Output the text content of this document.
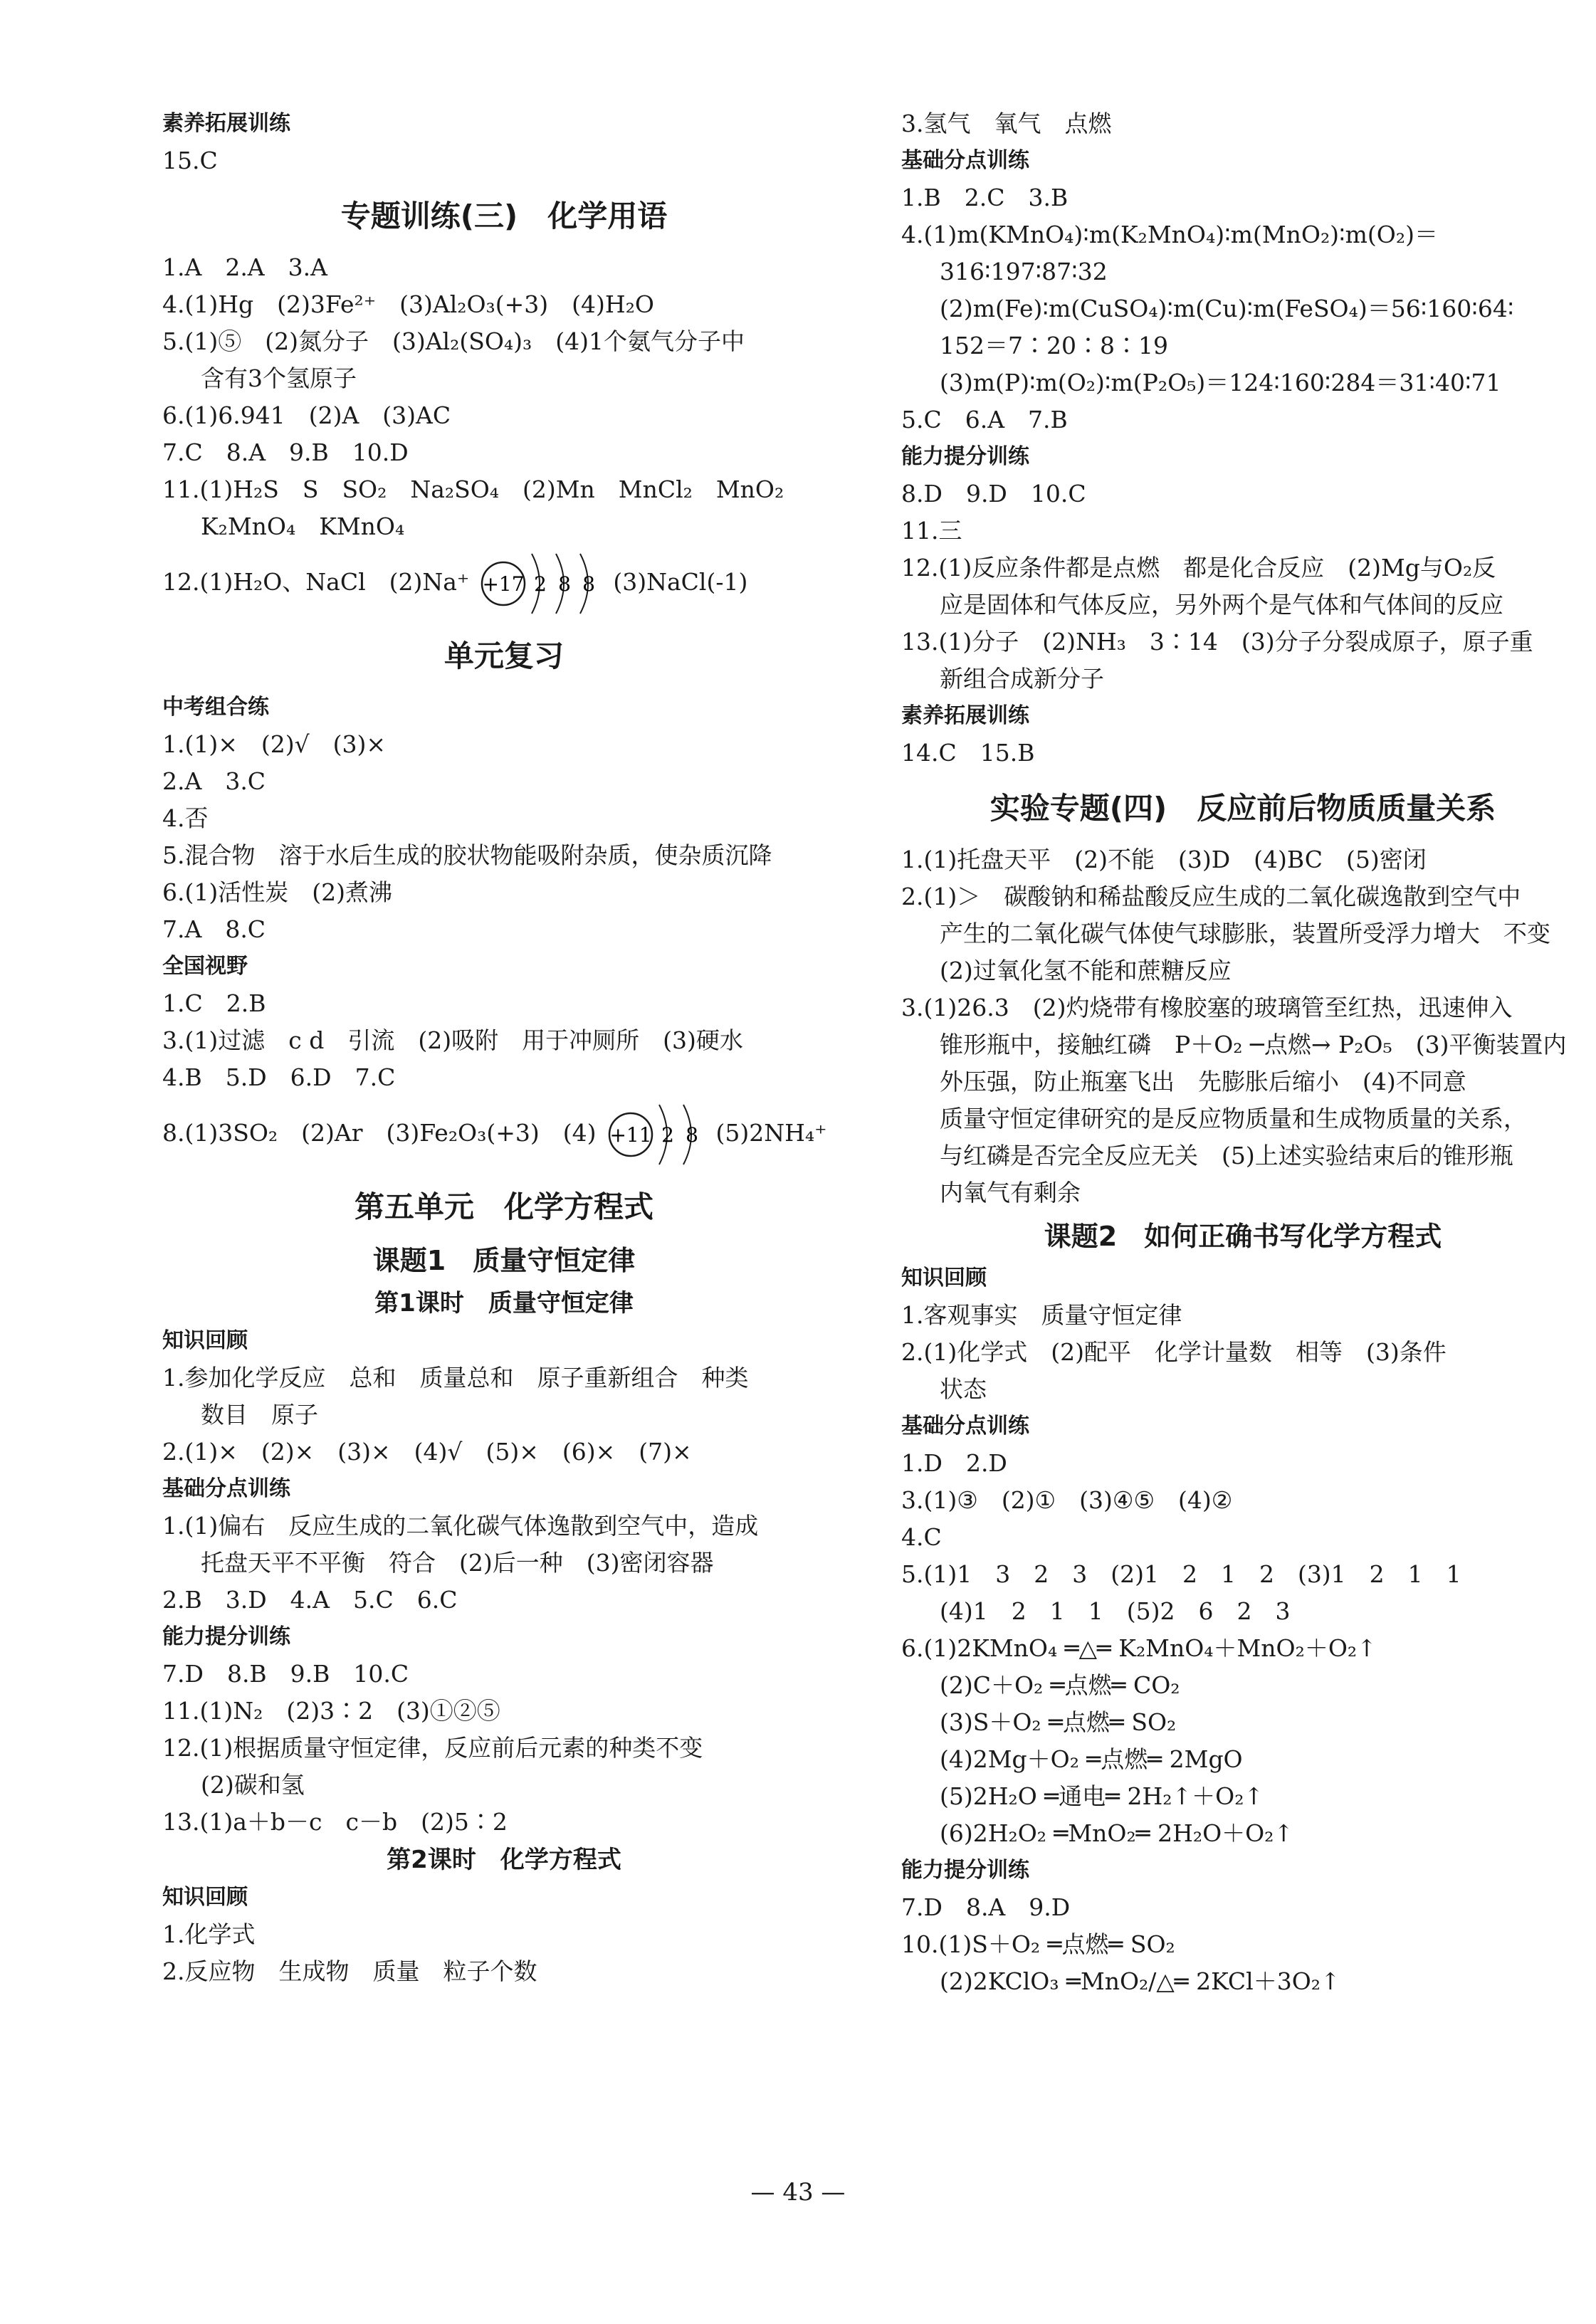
素养拓展训练
15.C
专题训练(三)　化学用语
1.A　2.A　3.A
4.(1)Hg　(2)3Fe²⁺　(3)Al₂O₃(+3)　(4)H₂O
5.(1)⑤　(2)氮分子　(3)Al₂(SO₄)₃　(4)1个氨气分子中
含有3个氢原子
6.(1)6.941　(2)A　(3)AC
7.C　8.A　9.B　10.D
11.(1)H₂S　S　SO₂　Na₂SO₄　(2)Mn　MnCl₂　MnO₂
K₂MnO₄　KMnO₄
12.(1)H₂O、NaCl　(2)Na⁺ +17 2 8 8 (3)NaCl(-1)
单元复习
中考组合练
1.(1)×　(2)√　(3)×
2.A　3.C
4.否
5.混合物　溶于水后生成的胶状物能吸附杂质，使杂质沉降
6.(1)活性炭　(2)煮沸
7.A　8.C
全国视野
1.C　2.B
3.(1)过滤　c d　引流　(2)吸附　用于冲厕所　(3)硬水
4.B　5.D　6.D　7.C
8.(1)3SO₂　(2)Ar　(3)Fe₂O₃(+3)　(4) +11 2 8 (5)2NH₄⁺
第五单元　化学方程式
课题1　质量守恒定律
第1课时　质量守恒定律
知识回顾
1.参加化学反应　总和　质量总和　原子重新组合　种类
数目　原子
2.(1)×　(2)×　(3)×　(4)√　(5)×　(6)×　(7)×
基础分点训练
1.(1)偏右　反应生成的二氧化碳气体逸散到空气中，造成
托盘天平不平衡　符合　(2)后一种　(3)密闭容器
2.B　3.D　4.A　5.C　6.C
能力提分训练
7.D　8.B　9.B　10.C
11.(1)N₂　(2)3∶2　(3)①②⑤
12.(1)根据质量守恒定律，反应前后元素的种类不变
(2)碳和氢
13.(1)a＋b－c　c－b　(2)5∶2
第2课时　化学方程式
知识回顾
1.化学式
2.反应物　生成物　质量　粒子个数
3.氢气　氧气　点燃
基础分点训练
1.B　2.C　3.B
4.(1)m(KMnO₄)∶m(K₂MnO₄)∶m(MnO₂)∶m(O₂)＝
316∶197∶87∶32
(2)m(Fe)∶m(CuSO₄)∶m(Cu)∶m(FeSO₄)＝56∶160∶64∶
152＝7∶20∶8∶19
(3)m(P)∶m(O₂)∶m(P₂O₅)＝124∶160∶284＝31∶40∶71
5.C　6.A　7.B
能力提分训练
8.D　9.D　10.C
11.三
12.(1)反应条件都是点燃　都是化合反应　(2)Mg与O₂反
应是固体和气体反应，另外两个是气体和气体间的反应
13.(1)分子　(2)NH₃　3∶14　(3)分子分裂成原子，原子重
新组合成新分子
素养拓展训练
14.C　15.B
实验专题(四)　反应前后物质质量关系
1.(1)托盘天平　(2)不能　(3)D　(4)BC　(5)密闭
2.(1)＞　碳酸钠和稀盐酸反应生成的二氧化碳逸散到空气中
产生的二氧化碳气体使气球膨胀，装置所受浮力增大　不变
(2)过氧化氢不能和蔗糖反应
3.(1)26.3　(2)灼烧带有橡胶塞的玻璃管至红热，迅速伸入
锥形瓶中，接触红磷　P＋O₂ ─点燃→ P₂O₅　(3)平衡装置内
外压强，防止瓶塞飞出　先膨胀后缩小　(4)不同意
质量守恒定律研究的是反应物质量和生成物质量的关系，
与红磷是否完全反应无关　(5)上述实验结束后的锥形瓶
内氧气有剩余
课题2　如何正确书写化学方程式
知识回顾
1.客观事实　质量守恒定律
2.(1)化学式　(2)配平　化学计量数　相等　(3)条件
状态
基础分点训练
1.D　2.D
3.(1)③　(2)①　(3)④⑤　(4)②
4.C
5.(1)1　3　2　3　(2)1　2　1　2　(3)1　2　1　1
(4)1　2　1　1　(5)2　6　2　3
6.(1)2KMnO₄ ═△═ K₂MnO₄＋MnO₂＋O₂↑
(2)C＋O₂ ═点燃═ CO₂
(3)S＋O₂ ═点燃═ SO₂
(4)2Mg＋O₂ ═点燃═ 2MgO
(5)2H₂O ═通电═ 2H₂↑＋O₂↑
(6)2H₂O₂ ═MnO₂═ 2H₂O＋O₂↑
能力提分训练
7.D　8.A　9.D
10.(1)S＋O₂ ═点燃═ SO₂
(2)2KClO₃ ═MnO₂/△═ 2KCl＋3O₂↑
— 43 —
